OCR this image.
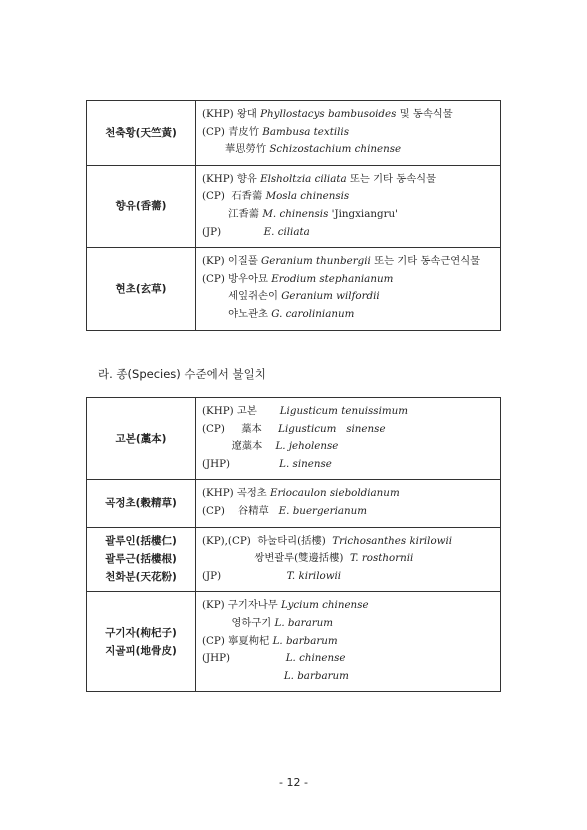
천축황(天竺黃)	(KHP) 왕대 Phyllostacys bambusoides 및 동속식물
(CP) 青皮竹 Bambusa textilis
華思勞竹 Schizostachium chinense

향유(香薷)	(KHP) 향유 Elsholtzia ciliata 또는 기타 동속식물
(CP)  石香薷 Mosla chinensis
江香薷 M. chinensis 'Jingxiangru'
(JP)             E. ciliata

현초(玄草)	(KP) 이질풀 Geranium thunbergii 또는 기타 동속근연식물
(CP) 방우아묘 Erodium stephanianum
세잎쥐손이 Geranium wilfordii
야노관초 G. carolinianum
라. 종(Species) 수준에서 불일치
고본(藁本)	(KHP) 고본       Ligusticum tenuissimum
(CP)     藁本     Ligusticum   sinense
遼藁本    L. jeholense
(JHP)               L. sinense

곡정초(穀精草)	(KHP) 곡정초 Eriocaulon sieboldianum
(CP)    谷精草   E. buergerianum

괄루인(括樓仁)
괄루근(括樓根)
천화분(天花粉)	(KP),(CP)  하눌타리(括樓)  Trichosanthes kirilowii
쌍변괄루(雙邊括樓)  T. rosthornii
(JP)                    T. kirilowii

구기자(枸杞子)
지골피(地骨皮)	(KP) 구기자나무 Lycium chinense
영하구기 L. bararum
(CP) 寧夏枸杞 L. barbarum
(JHP)                 L. chinense
L. barbarum
- 12 -
